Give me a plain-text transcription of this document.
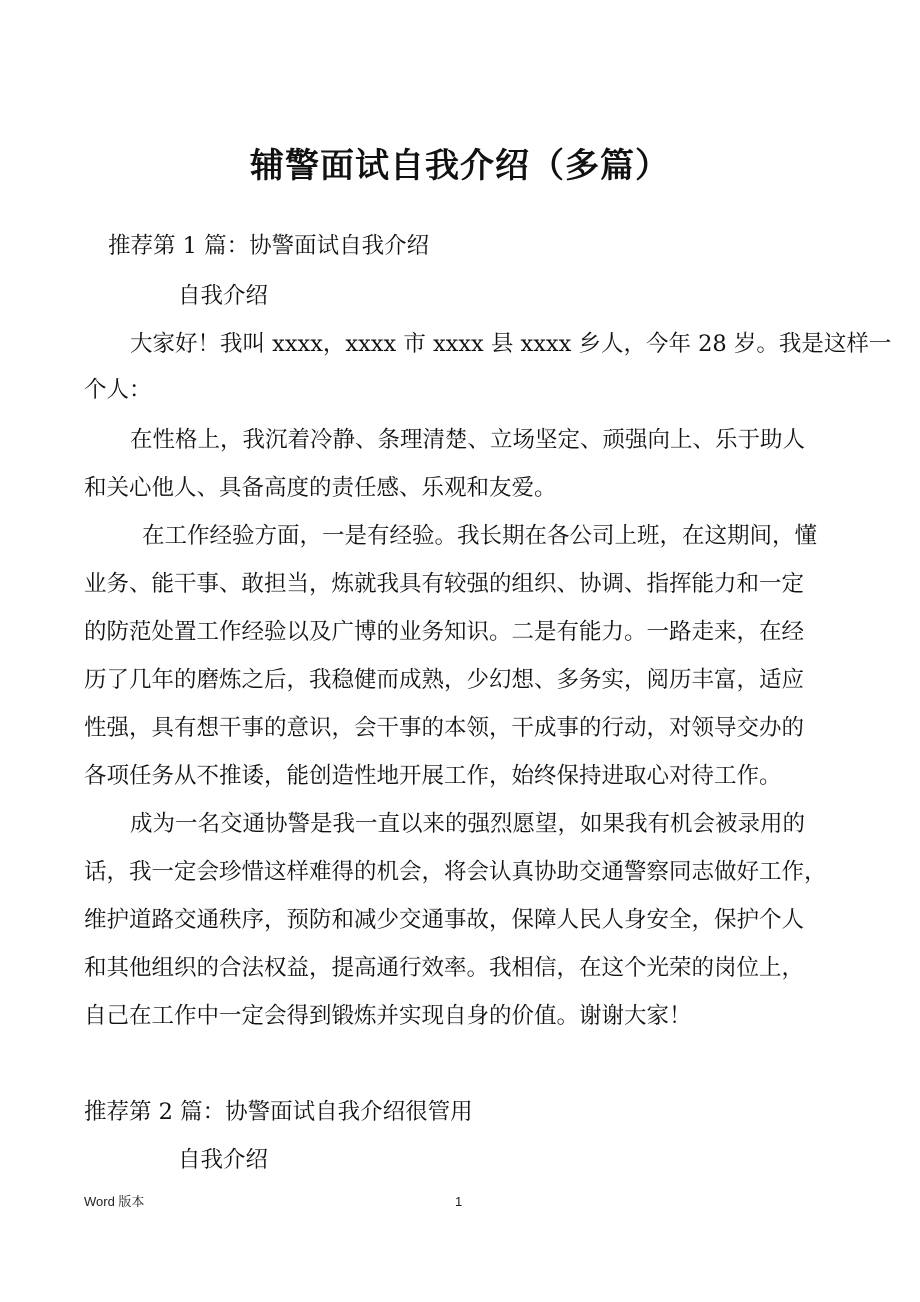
辅警面试自我介绍（多篇）
推荐第 1 篇：协警面试自我介绍
自我介绍
大家好！我叫 xxxx，xxxx 市 xxxx 县 xxxx 乡人，今年 28 岁。我是这样一
个人：
在性格上，我沉着冷静、条理清楚、立场坚定、顽强向上、乐于助人
和关心他人、具备高度的责任感、乐观和友爱。
在工作经验方面，一是有经验。我长期在各公司上班，在这期间，懂
业务、能干事、敢担当，炼就我具有较强的组织、协调、指挥能力和一定
的防范处置工作经验以及广博的业务知识。二是有能力。一路走来，在经
历了几年的磨炼之后，我稳健而成熟，少幻想、多务实，阅历丰富，适应
性强，具有想干事的意识，会干事的本领，干成事的行动，对领导交办的
各项任务从不推诿，能创造性地开展工作，始终保持进取心对待工作。
成为一名交通协警是我一直以来的强烈愿望，如果我有机会被录用的
话，我一定会珍惜这样难得的机会，将会认真协助交通警察同志做好工作，
维护道路交通秩序，预防和减少交通事故，保障人民人身安全，保护个人
和其他组织的合法权益，提高通行效率。我相信，在这个光荣的岗位上，
自己在工作中一定会得到锻炼并实现自身的价值。谢谢大家！
推荐第 2 篇：协警面试自我介绍很管用
自我介绍
Word 版本	1
